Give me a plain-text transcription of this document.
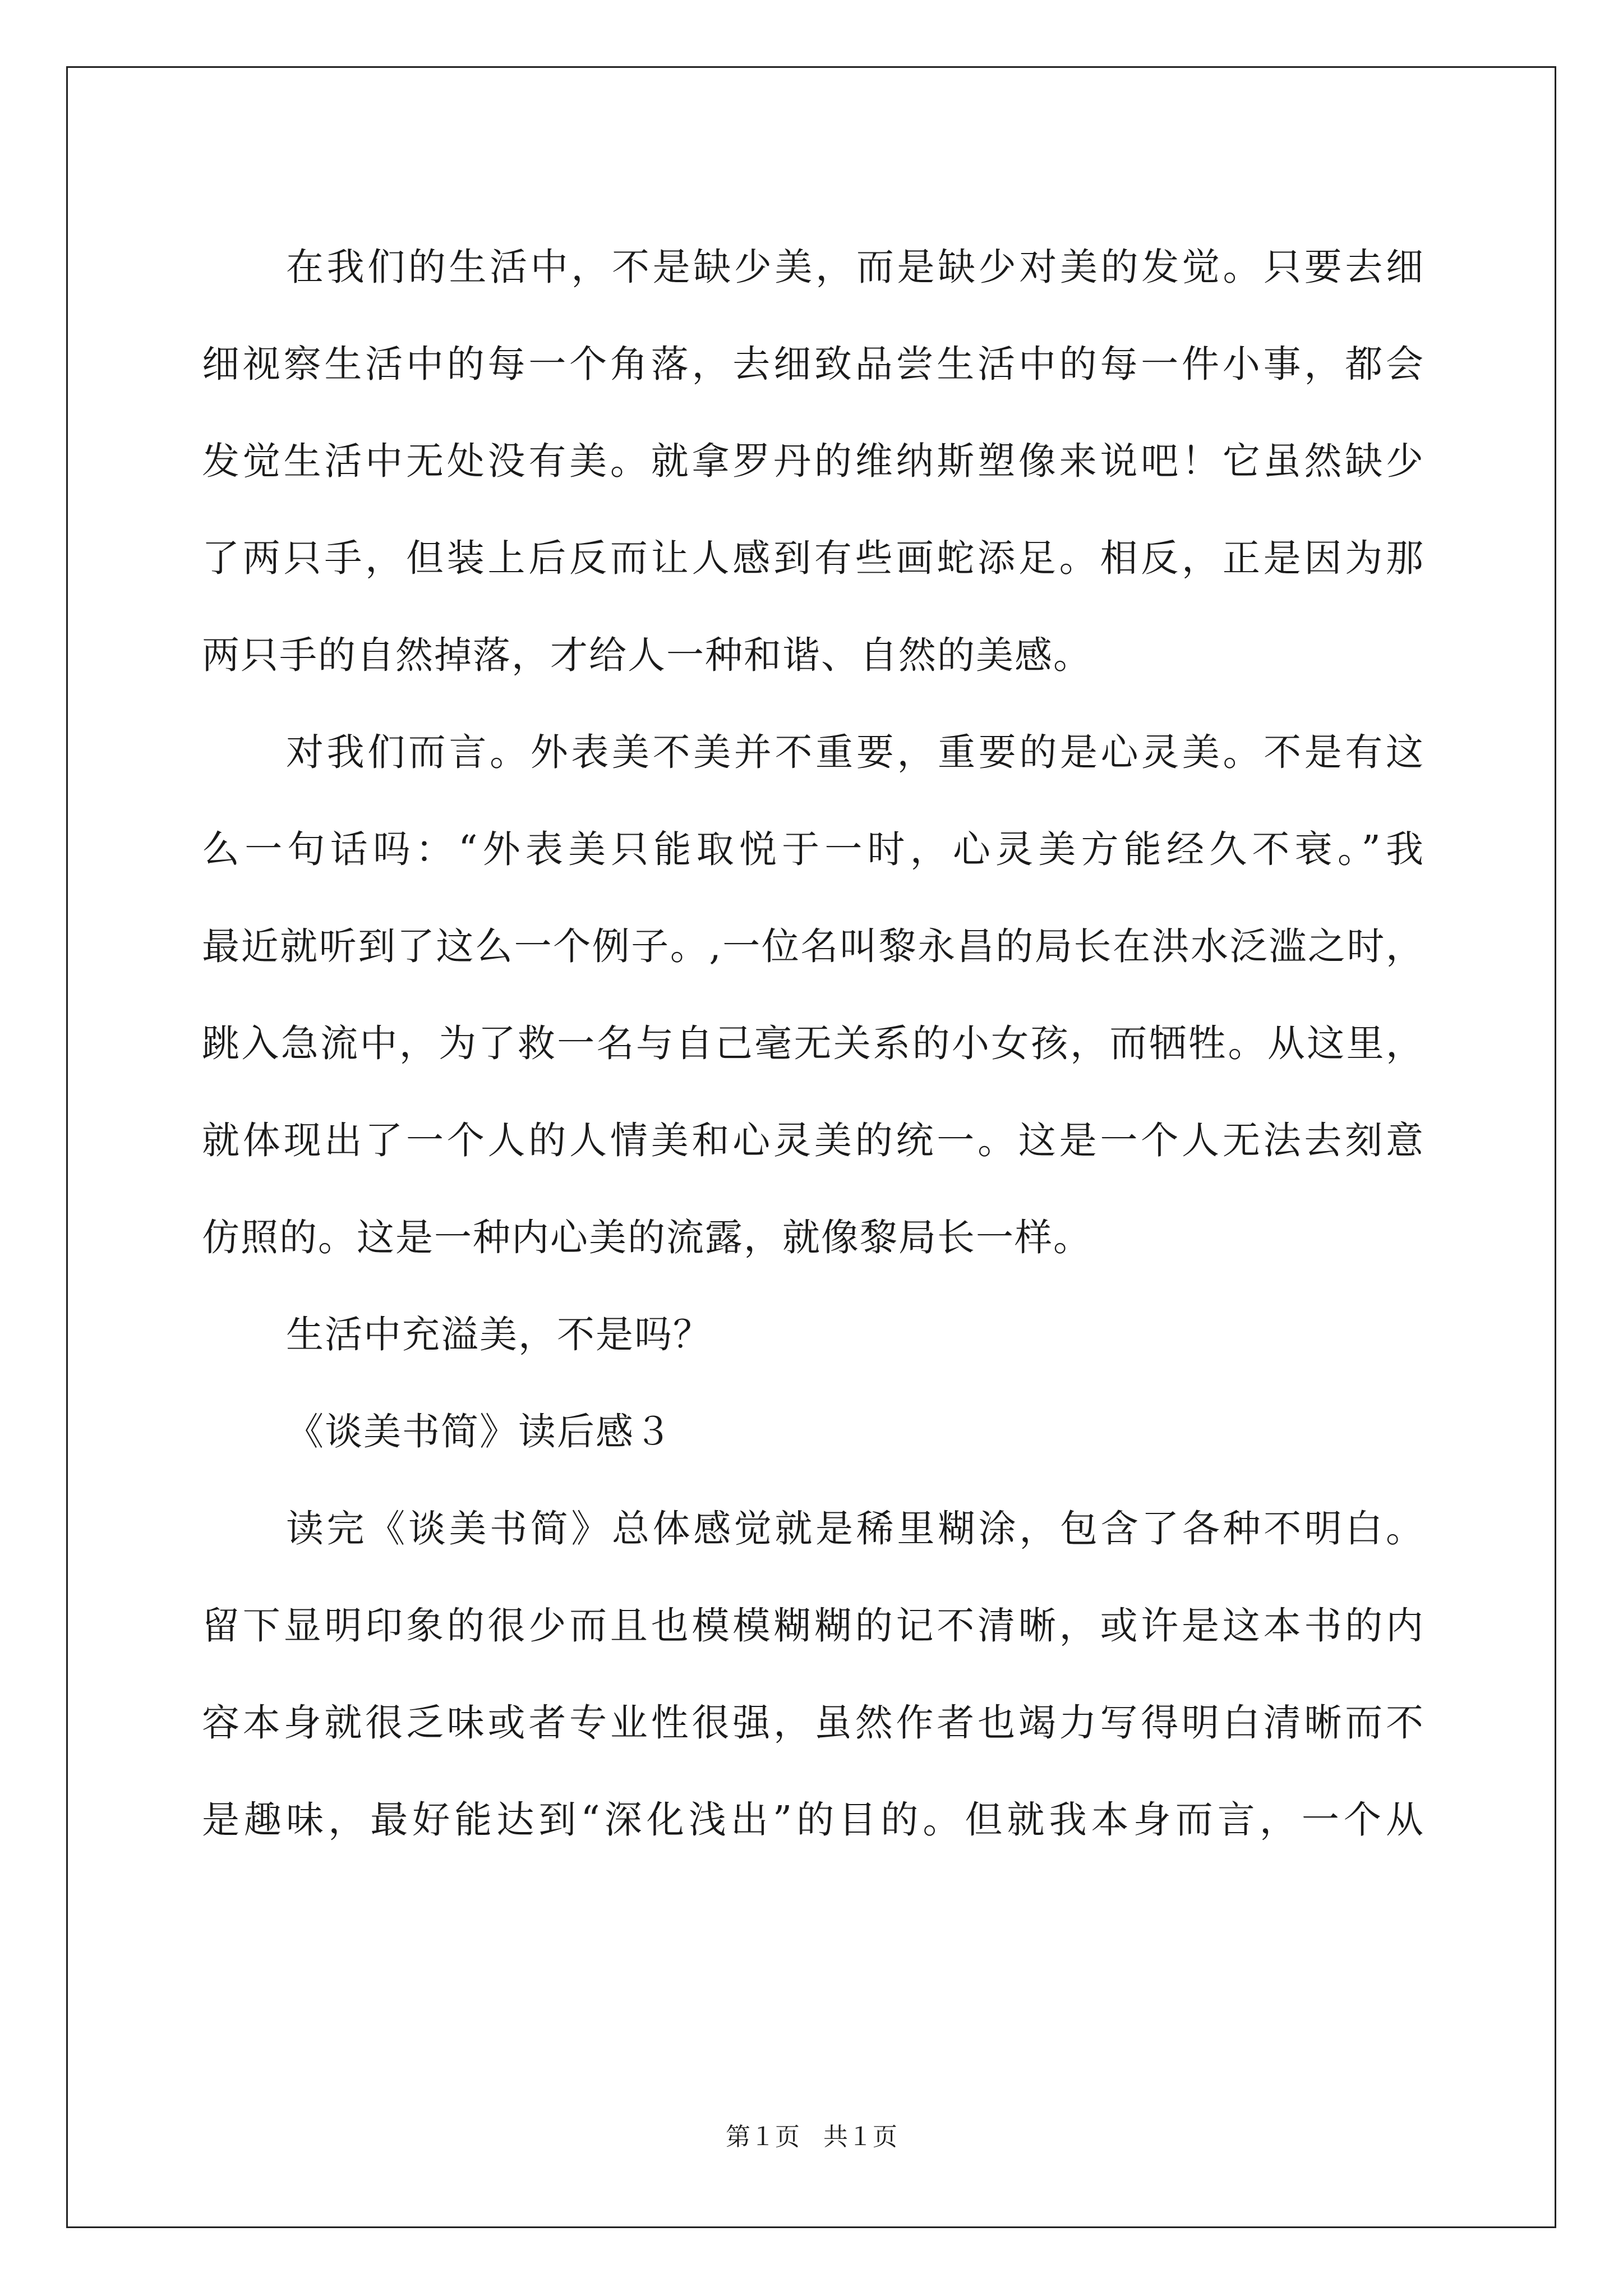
在我们的生活中，不是缺少美，而是缺少对美的发觉。只要去细
细视察生活中的每一个角落，去细致品尝生活中的每一件小事，都会
发觉生活中无处没有美。就拿罗丹的维纳斯塑像来说吧！它虽然缺少
了两只手，但装上后反而让人感到有些画蛇添足。相反，正是因为那
两只手的自然掉落，才给人一种和谐、自然的美感。
对我们而言。外表美不美并不重要，重要的是心灵美。不是有这
么一句话吗：“外表美只能取悦于一时，心灵美方能经久不衰。”我
最近就听到了这么一个例子。,一位名叫黎永昌的局长在洪水泛滥之时，
跳入急流中，为了救一名与自己毫无关系的小女孩，而牺牲。从这里，
就体现出了一个人的人情美和心灵美的统一。这是一个人无法去刻意
仿照的。这是一种内心美的流露，就像黎局长一样。
生活中充溢美，不是吗？
《谈美书简》读后感３
读完《谈美书简》总体感觉就是稀里糊涂，包含了各种不明白。
留下显明印象的很少而且也模模糊糊的记不清晰，或许是这本书的内
容本身就很乏味或者专业性很强，虽然作者也竭力写得明白清晰而不
是趣味，最好能达到“深化浅出”的目的。但就我本身而言，一个从
第１页 共１页
